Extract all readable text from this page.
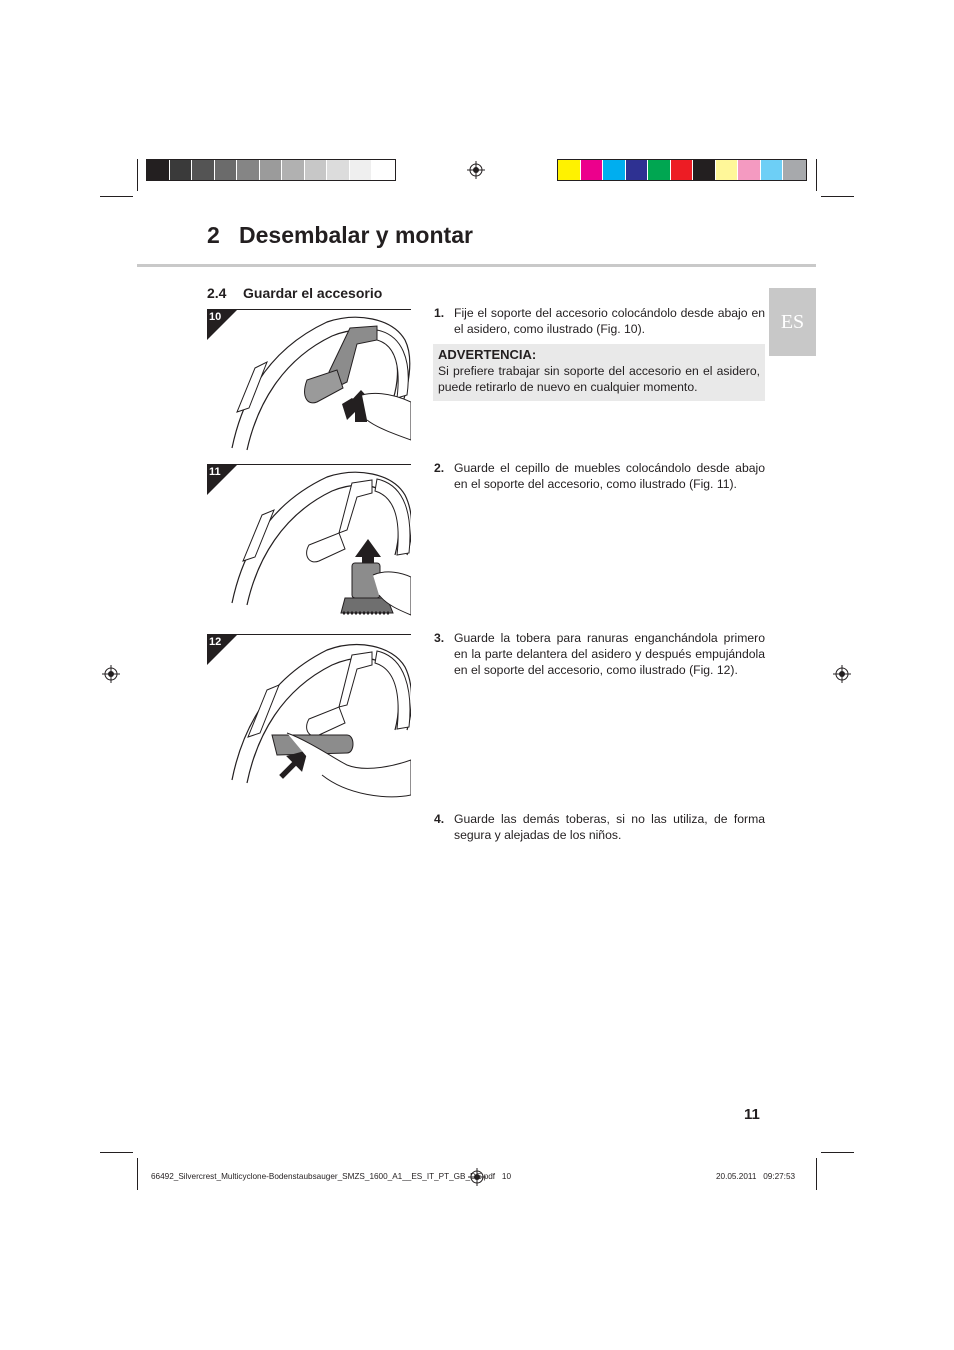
2 Desembalar y montar
2.4 Guardar el accesorio
ES
10
11
12
1. Fije el soporte del accesorio colocándolo desde abajo en el asidero, como ilustrado (Fig. 10).
ADVERTENCIA:
Si prefiere trabajar sin soporte del accesorio en el asidero, puede retirarlo de nuevo en cualquier momento.
2. Guarde el cepillo de muebles colocándolo desde abajo en el soporte del accesorio, como ilustrado (Fig. 11).
3. Guarde la tobera para ranuras enganchándola primero en la parte delantera del asidero y después empujándola en el soporte del accesorio, como ilustrado (Fig. 12).
4. Guarde las demás toberas, si no las utiliza, de forma segura y alejadas de los niños.
11
66492_Silvercrest_Multicyclone-Bodenstaubsauger_SMZS_1600_A1__ES_IT_PT_GB_DE.pdf   10	20.05.2011   09:27:53
